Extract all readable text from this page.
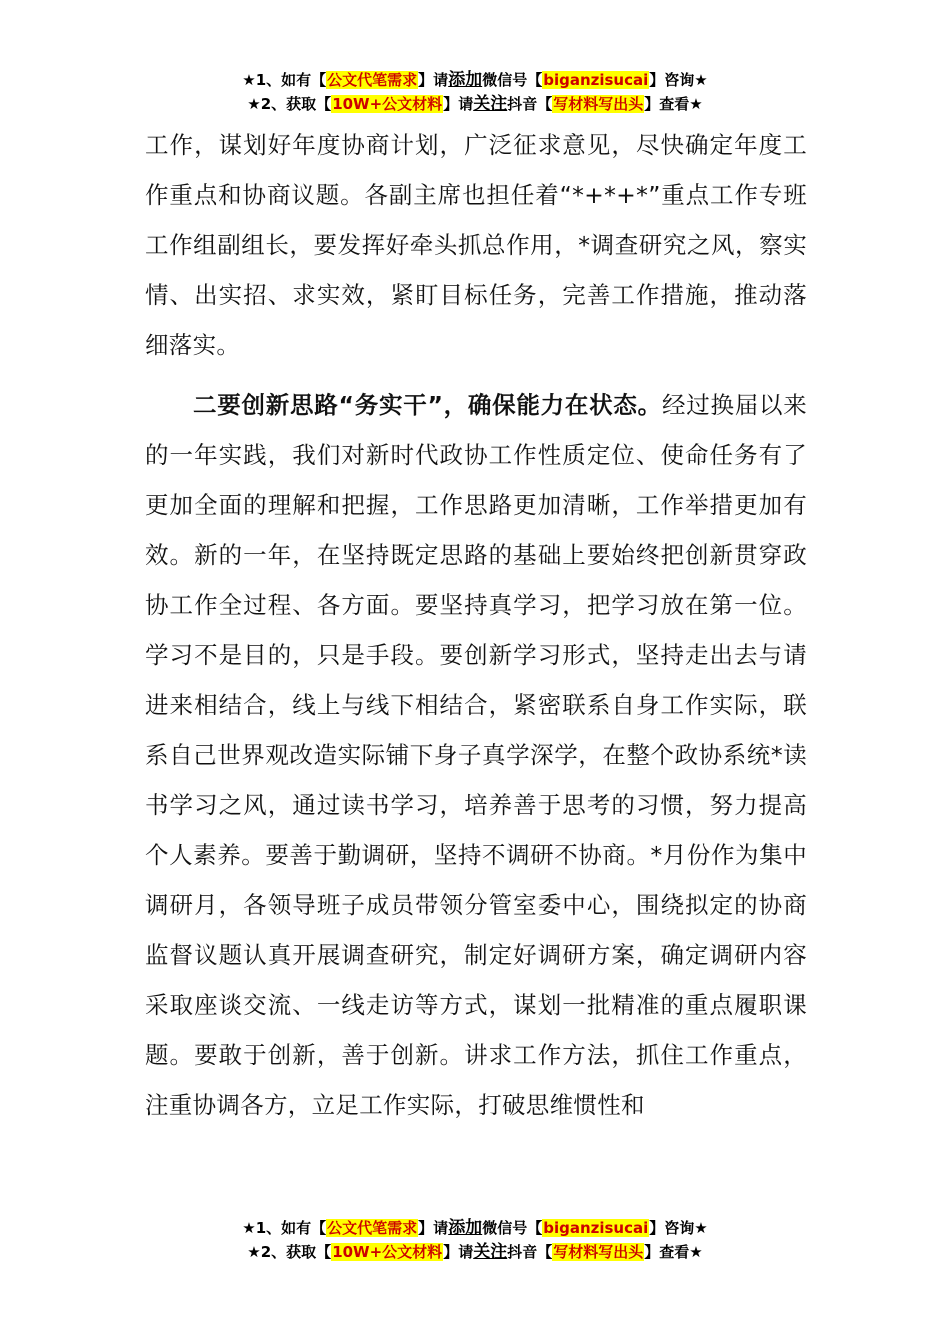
★1、如有【公文代笔需求】请添加微信号【biganzisucai】咨询★
★2、获取【10W+公文材料】请关注抖音【写材料写出头】查看★

工作，谋划好年度协商计划，广泛征求意见，尽快确定年度工作重点和协商议题。各副主席也担任着“*+*+*”重点工作专班工作组副组长，要发挥好牵头抓总作用，*调查研究之风，察实情、出实招、求实效，紧盯目标任务，完善工作措施，推动落细落实。

二要创新思路“务实干”，确保能力在状态。经过换届以来的一年实践，我们对新时代政协工作性质定位、使命任务有了更加全面的理解和把握，工作思路更加清晰，工作举措更加有效。新的一年，在坚持既定思路的基础上要始终把创新贯穿政协工作全过程、各方面。要坚持真学习，把学习放在第一位。学习不是目的，只是手段。要创新学习形式，坚持走出去与请进来相结合，线上与线下相结合，紧密联系自身工作实际，联系自己世界观改造实际铺下身子真学深学，在整个政协系统*读书学习之风，通过读书学习，培养善于思考的习惯，努力提高个人素养。要善于勤调研，坚持不调研不协商。*月份作为集中调研月，各领导班子成员带领分管室委中心，围绕拟定的协商监督议题认真开展调查研究，制定好调研方案，确定调研内容采取座谈交流、一线走访等方式，谋划一批精准的重点履职课题。要敢于创新，善于创新。讲求工作方法，抓住工作重点，注重协调各方，立足工作实际，打破思维惯性和

★1、如有【公文代笔需求】请添加微信号【biganzisucai】咨询★
★2、获取【10W+公文材料】请关注抖音【写材料写出头】查看★
